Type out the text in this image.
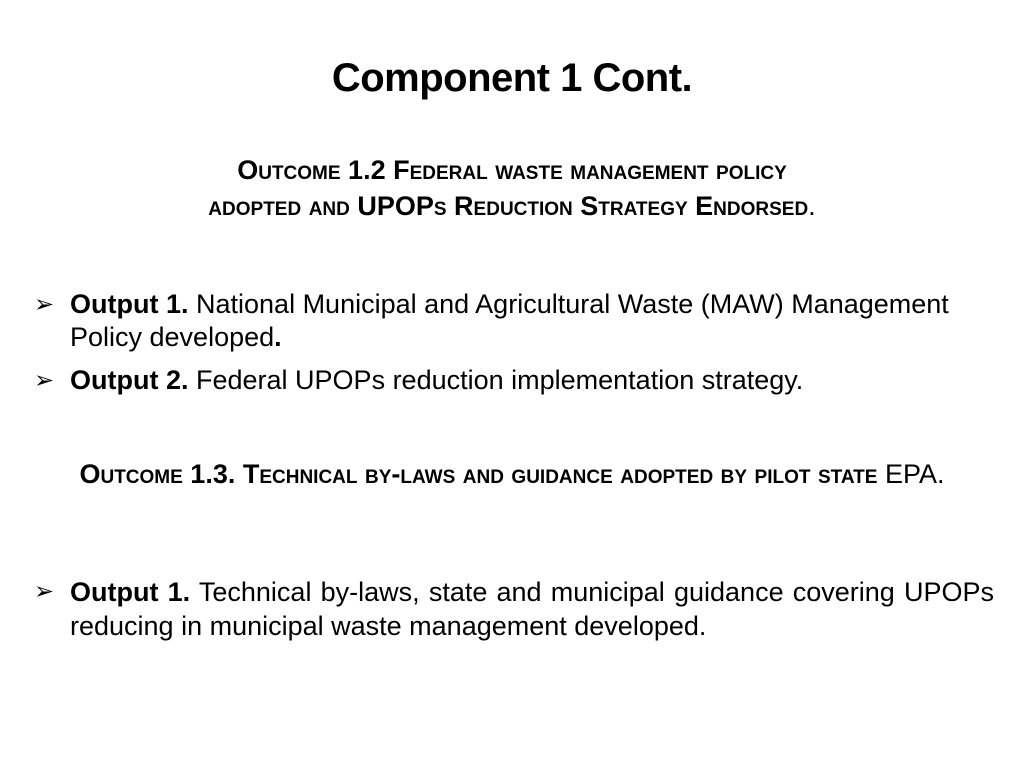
Component 1 Cont.
Outcome 1.2 Federal waste management policy
adopted and UPOPs Reduction Strategy Endorsed.
➢ Output 1. National Municipal and Agricultural Waste (MAW) Management Policy developed.
➢ Output 2. Federal UPOPs reduction implementation strategy.
Outcome 1.3. Technical by-laws and guidance adopted by pilot state EPA.
➢ Output 1. Technical by-laws, state and municipal guidance covering UPOPs reducing in municipal waste management developed.
